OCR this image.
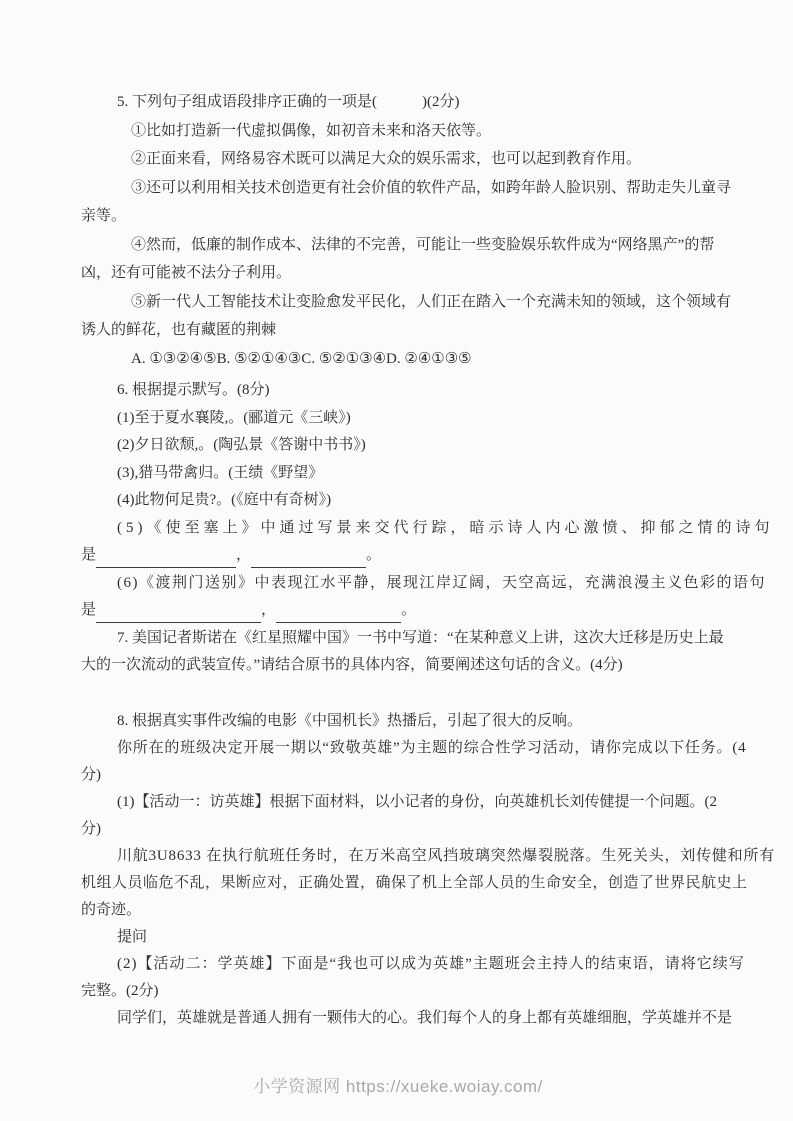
5. 下列句子组成语段排序正确的一项是(　　　)(2分)
①比如打造新一代虚拟偶像，如初音未来和洛天依等。
②正面来看，网络易容术既可以满足大众的娱乐需求，也可以起到教育作用。
③还可以利用相关技术创造更有社会价值的软件产品，如跨年龄人脸识别、帮助走失儿童寻
亲等。
④然而，低廉的制作成本、法律的不完善，可能让一些变脸娱乐软件成为“网络黑产”的帮
凶，还有可能被不法分子利用。
⑤新一代人工智能技术让变脸愈发平民化，人们正在踏入一个充满未知的领域，这个领域有
诱人的鲜花，也有藏匿的荆棘
A. ①③②④⑤B. ⑤②①④③C. ⑤②①③④D. ②④①③⑤
6. 根据提示默写。(8分)
(1)至于夏水襄陵,。(郦道元《三峡》)
(2)夕日欲颓,。(陶弘景《答谢中书书》)
(3),猎马带禽归。(王绩《野望》
(4)此物何足贵?。(《庭中有奇树》)
(5)《使至塞上》中通过写景来交代行踪，暗示诗人内心激愤、抑郁之情的诗句
是	，	。
(6)《渡荆门送别》中表现江水平静，展现江岸辽阔，天空高远，充满浪漫主义色彩的语句
是	，	。
7. 美国记者斯诺在《红星照耀中国》一书中写道：“在某种意义上讲，这次大迁移是历史上最
大的一次流动的武装宣传。”请结合原书的具体内容，简要阐述这句话的含义。(4分)
8. 根据真实事件改编的电影《中国机长》热播后，引起了很大的反响。
你所在的班级决定开展一期以“致敬英雄”为主题的综合性学习活动，请你完成以下任务。(4
分)
(1)【活动一：访英雄】根据下面材料，以小记者的身份，向英雄机长刘传健提一个问题。(2
分)
川航3U8633 在执行航班任务时，在万米高空风挡玻璃突然爆裂脱落。生死关头，刘传健和所有
机组人员临危不乱，果断应对，正确处置，确保了机上全部人员的生命安全，创造了世界民航史上
的奇迹。
提问
(2)【活动二：学英雄】下面是“我也可以成为英雄”主题班会主持人的结束语，请将它续写
完整。(2分)
同学们，英雄就是普通人拥有一颗伟大的心。我们每个人的身上都有英雄细胞，学英雄并不是
小学资源网 https://xueke.woiay.com/
